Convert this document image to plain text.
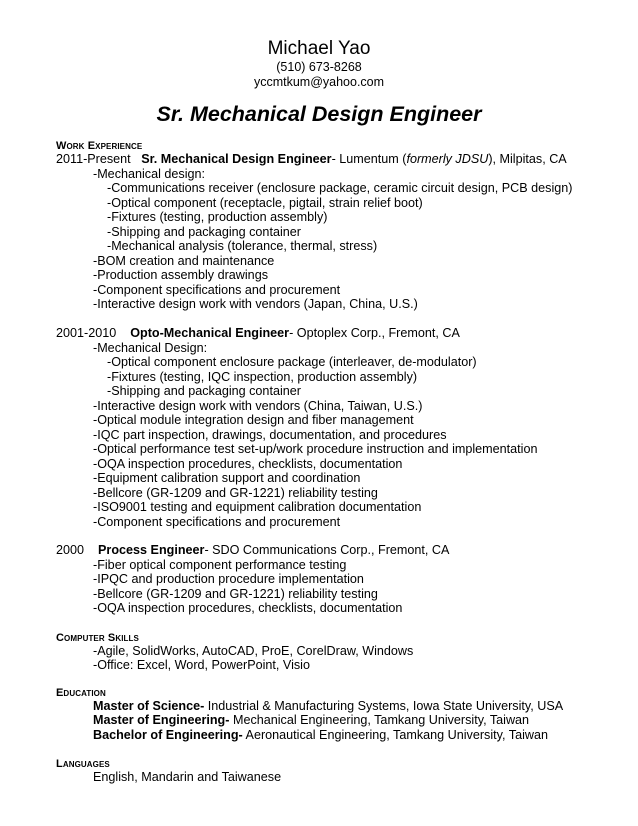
Michael Yao
(510) 673-8268
yccmtkum@yahoo.com
Sr. Mechanical Design Engineer
Work Experience
2011-Present Sr. Mechanical Design Engineer- Lumentum (formerly JDSU), Milpitas, CA
-Mechanical design:
-Communications receiver (enclosure package, ceramic circuit design, PCB design)
-Optical component (receptacle, pigtail, strain relief boot)
-Fixtures (testing, production assembly)
-Shipping and packaging container
-Mechanical analysis (tolerance, thermal, stress)
-BOM creation and maintenance
-Production assembly drawings
-Component specifications and procurement
-Interactive design work with vendors (Japan, China, U.S.)
2001-2010 Opto-Mechanical Engineer- Optoplex Corp., Fremont, CA
-Mechanical Design:
-Optical component enclosure package (interleaver, de-modulator)
-Fixtures (testing, IQC inspection, production assembly)
-Shipping and packaging container
-Interactive design work with vendors (China, Taiwan, U.S.)
-Optical module integration design and fiber management
-IQC part inspection, drawings, documentation, and procedures
-Optical performance test set-up/work procedure instruction and implementation
-OQA inspection procedures, checklists, documentation
-Equipment calibration support and coordination
-Bellcore (GR-1209 and GR-1221) reliability testing
-ISO9001 testing and equipment calibration documentation
-Component specifications and procurement
2000 Process Engineer- SDO Communications Corp., Fremont, CA
-Fiber optical component performance testing
-IPQC and production procedure implementation
-Bellcore (GR-1209 and GR-1221) reliability testing
-OQA inspection procedures, checklists, documentation
Computer Skills
-Agile, SolidWorks, AutoCAD, ProE, CorelDraw, Windows
-Office: Excel, Word, PowerPoint, Visio
Education
Master of Science- Industrial & Manufacturing Systems, Iowa State University, USA
Master of Engineering- Mechanical Engineering, Tamkang University, Taiwan
Bachelor of Engineering- Aeronautical Engineering, Tamkang University, Taiwan
Languages
English, Mandarin and Taiwanese
